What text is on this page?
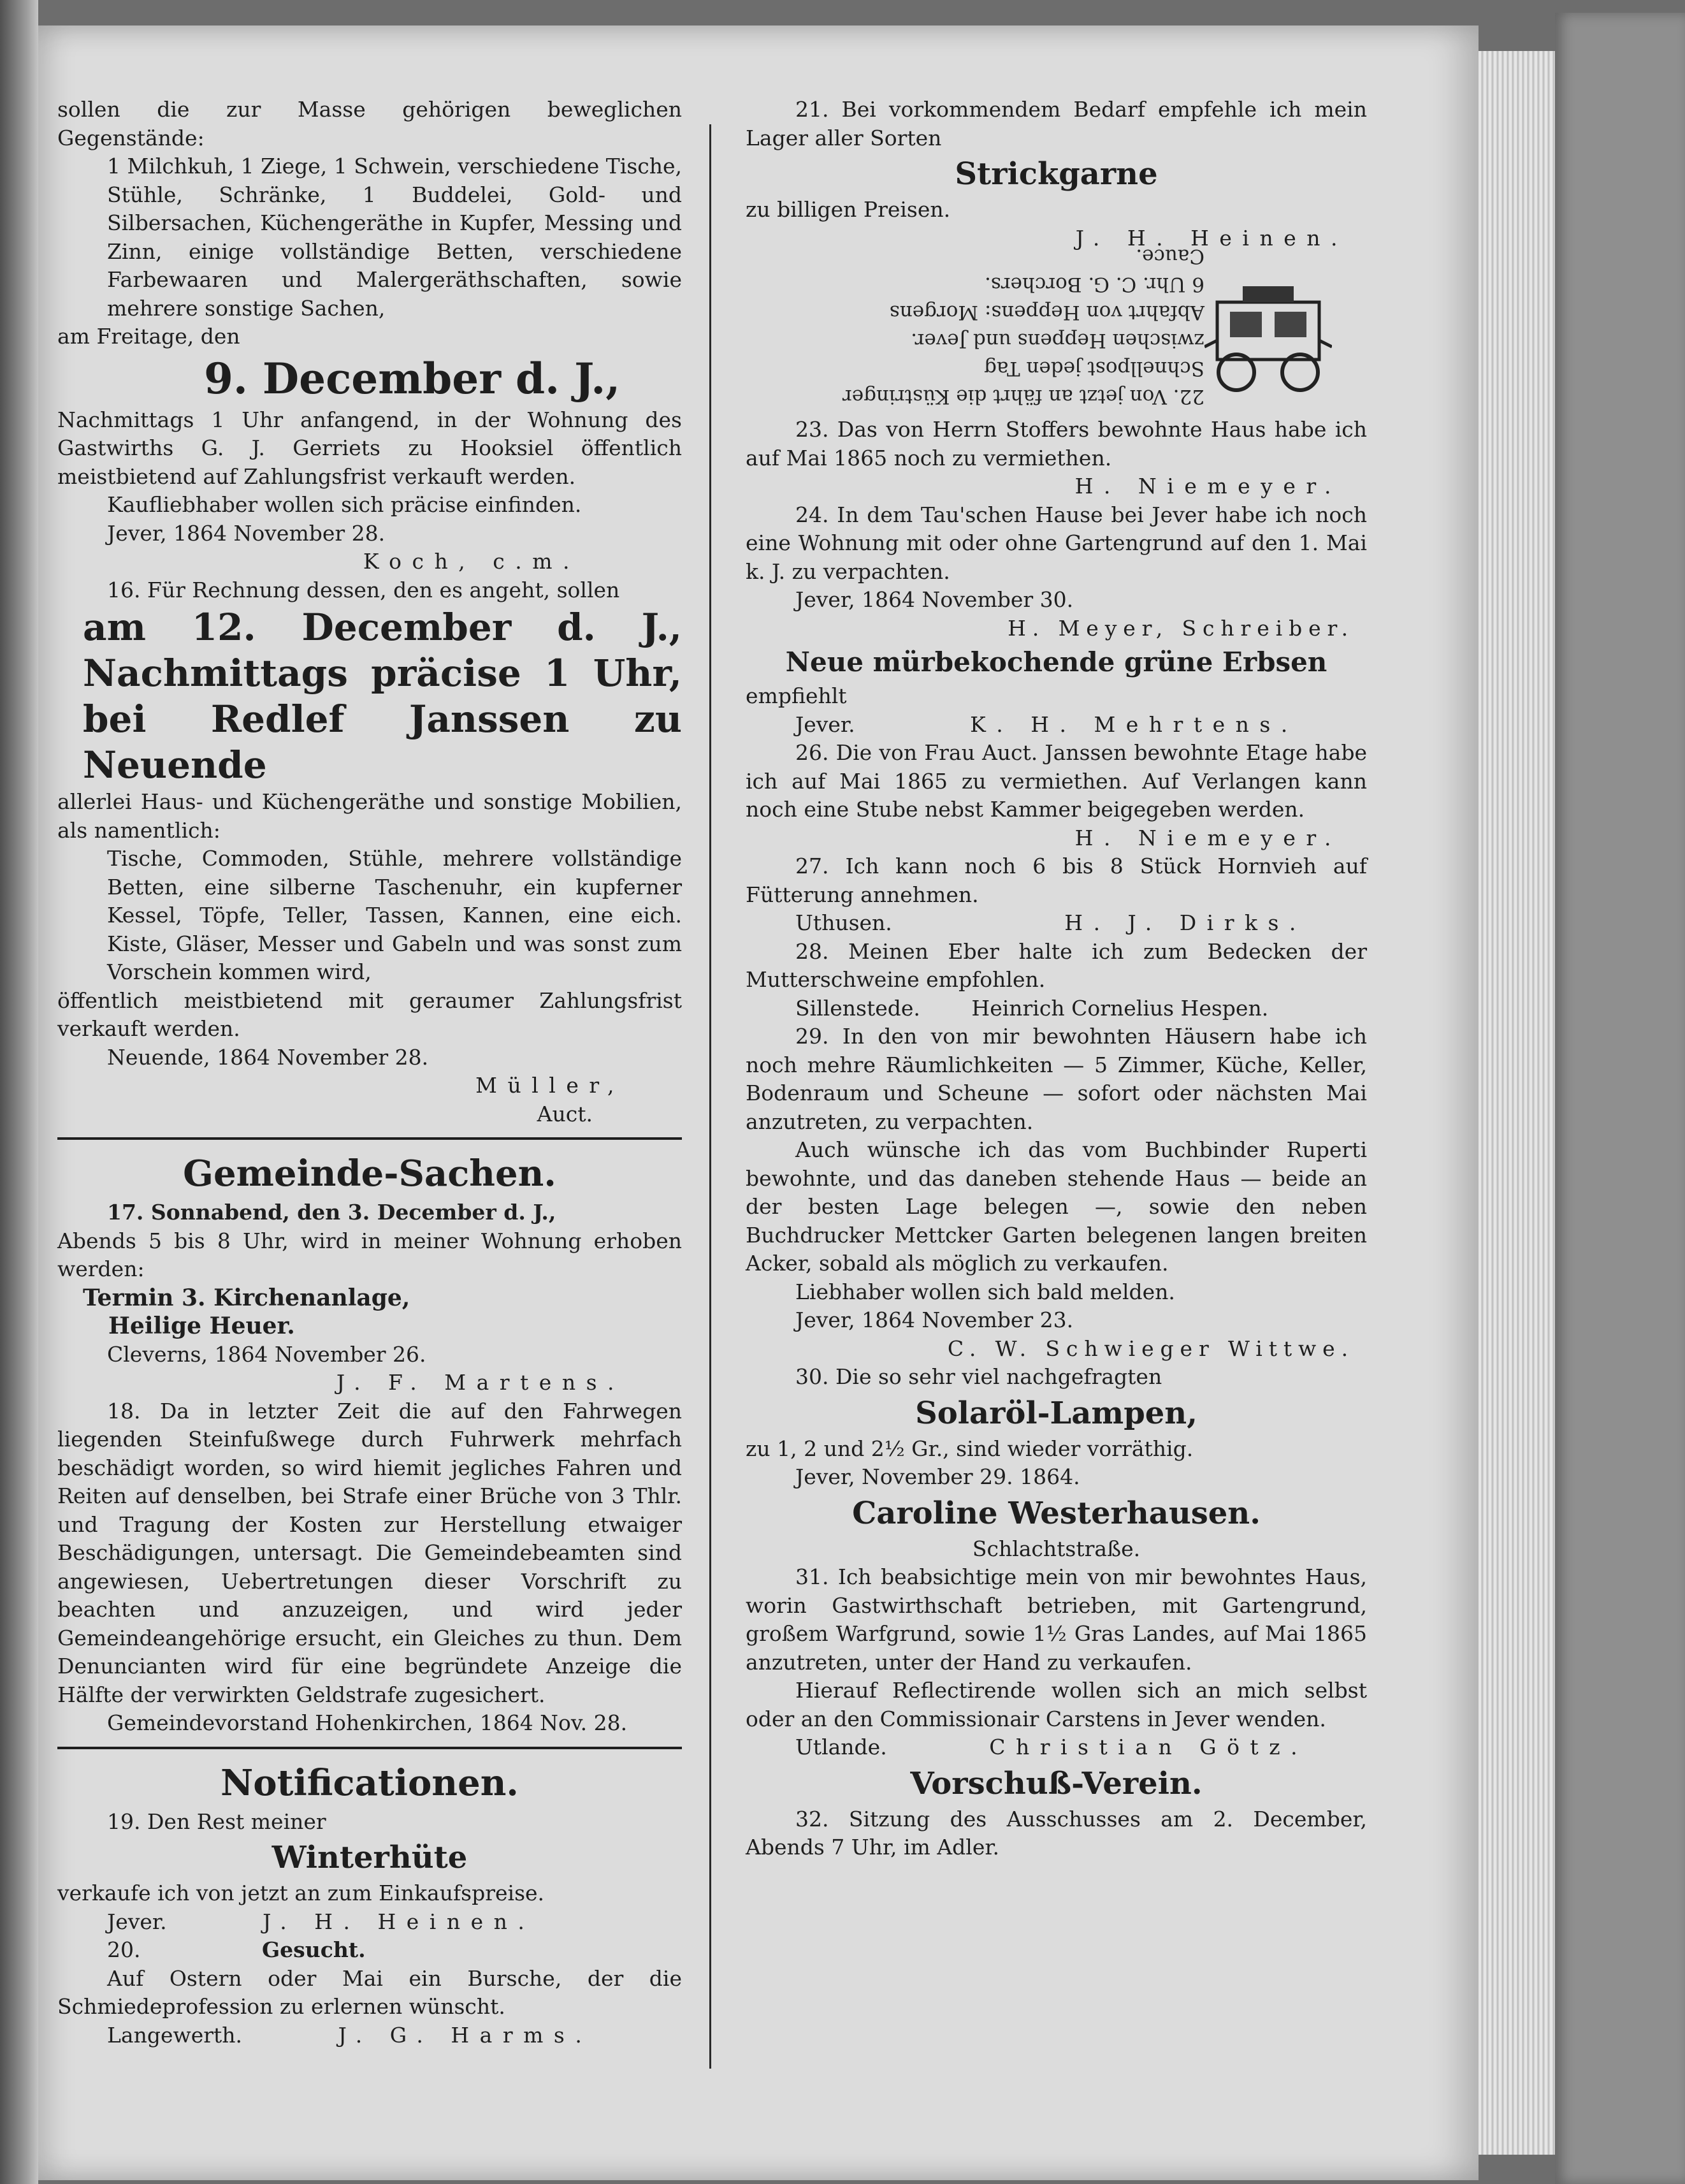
sollen die zur Masse gehörigen beweglichen Gegenstände:

1 Milchkuh, 1 Ziege, 1 Schwein, verschiedene Tische, Stühle, Schränke, 1 Buddelei, Gold- und Silbersachen, Küchengeräthe in Kupfer, Messing und Zinn, einige vollständige Betten, verschiedene Farbewaaren und Malergeräthschaften, sowie mehrere sonstige Sachen,

am Freitage, den

9. December d. J.,

Nachmittags 1 Uhr anfangend, in der Wohnung des Gastwirths G. J. Gerriets zu Hooksiel öffentlich meistbietend auf Zahlungsfrist verkauft werden.

Kaufliebhaber wollen sich präcise einfinden.

Jever, 1864 November 28.

Koch, c.m.

16. Für Rechnung dessen, den es angeht, sollen

am 12. December d. J., Nachmittags präcise 1 Uhr, bei Redlef Janssen zu Neuende

allerlei Haus- und Küchengeräthe und sonstige Mobilien, als namentlich:

Tische, Commoden, Stühle, mehrere vollständige Betten, eine silberne Taschenuhr, ein kupferner Kessel, Töpfe, Teller, Tassen, Kannen, eine eich. Kiste, Gläser, Messer und Gabeln und was sonst zum Vorschein kommen wird,

öffentlich meistbietend mit geraumer Zahlungsfrist verkauft werden.

Neuende, 1864 November 28.

Müller,

Auct.

Gemeinde-Sachen.

17. Sonnabend, den 3. December d. J.,

Abends 5 bis 8 Uhr, wird in meiner Wohnung erhoben werden:

Termin 3. Kirchenanlage,

Heilige Heuer.

Cleverns, 1864 November 26.

J. F. Martens.

18. Da in letzter Zeit die auf den Fahrwegen liegenden Steinfußwege durch Fuhrwerk mehrfach beschädigt worden, so wird hiemit jegliches Fahren und Reiten auf denselben, bei Strafe einer Brüche von 3 Thlr. und Tragung der Kosten zur Herstellung etwaiger Beschädigungen, untersagt. Die Gemeindebeamten sind angewiesen, Uebertretungen dieser Vorschrift zu beachten und anzuzeigen, und wird jeder Gemeindeangehörige ersucht, ein Gleiches zu thun. Dem Denuncianten wird für eine begründete Anzeige die Hälfte der verwirkten Geldstrafe zugesichert.

Gemeindevorstand Hohenkirchen, 1864 Nov. 28.

Notificationen.

19. Den Rest meiner

Winterhüte

verkaufe ich von jetzt an zum Einkaufspreise.

Jever.	J. H. Heinen.

20.	Gesucht.

Auf Ostern oder Mai ein Bursche, der die Schmiedeprofession zu erlernen wünscht.

Langewerth.	J. G. Harms.

21. Bei vorkommendem Bedarf empfehle ich mein Lager aller Sorten

Strickgarne

zu billigen Preisen.

J. H. Heinen.

22. Von jetzt an fährt die Küstringer Schnellpost jeden Tag

zwischen Heppens und Jever.

Abfahrt von Heppens: Morgens

6 Uhr. C. G. Borchers.

Cauce.

23. Das von Herrn Stoffers bewohnte Haus habe ich auf Mai 1865 noch zu vermiethen.

H. Niemeyer.

24. In dem Tau'schen Hause bei Jever habe ich noch eine Wohnung mit oder ohne Gartengrund auf den 1. Mai k. J. zu verpachten.

Jever, 1864 November 30.

H. Meyer, Schreiber.

Neue mürbekochende grüne Erbsen

empfiehlt

Jever.	K. H. Mehrtens.

26. Die von Frau Auct. Janssen bewohnte Etage habe ich auf Mai 1865 zu vermiethen. Auf Verlangen kann noch eine Stube nebst Kammer beigegeben werden.

H. Niemeyer.

27. Ich kann noch 6 bis 8 Stück Hornvieh auf Fütterung annehmen.

Uthusen.	H. J. Dirks.

28. Meinen Eber halte ich zum Bedecken der Mutterschweine empfohlen.

Sillenstede. Heinrich Cornelius Hespen.

29. In den von mir bewohnten Häusern habe ich noch mehre Räumlichkeiten — 5 Zimmer, Küche, Keller, Bodenraum und Scheune — sofort oder nächsten Mai anzutreten, zu verpachten.

Auch wünsche ich das vom Buchbinder Ruperti bewohnte, und das daneben stehende Haus — beide an der besten Lage belegen —, sowie den neben Buchdrucker Mettcker Garten belegenen langen breiten Acker, sobald als möglich zu verkaufen.

Liebhaber wollen sich bald melden.

Jever, 1864 November 23.

C. W. Schwieger Wittwe.

30. Die so sehr viel nachgefragten

Solaröl-Lampen,

zu 1, 2 und 2½ Gr., sind wieder vorräthig.

Jever, November 29. 1864.

Caroline Westerhausen.

Schlachtstraße.

31. Ich beabsichtige mein von mir bewohntes Haus, worin Gastwirthschaft betrieben, mit Gartengrund, großem Warfgrund, sowie 1½ Gras Landes, auf Mai 1865 anzutreten, unter der Hand zu verkaufen.

Hierauf Reflectirende wollen sich an mich selbst oder an den Commissionair Carstens in Jever wenden.

Utlande.	Christian Götz.

Vorschuß-Verein.

32. Sitzung des Ausschusses am 2. December, Abends 7 Uhr, im Adler.
